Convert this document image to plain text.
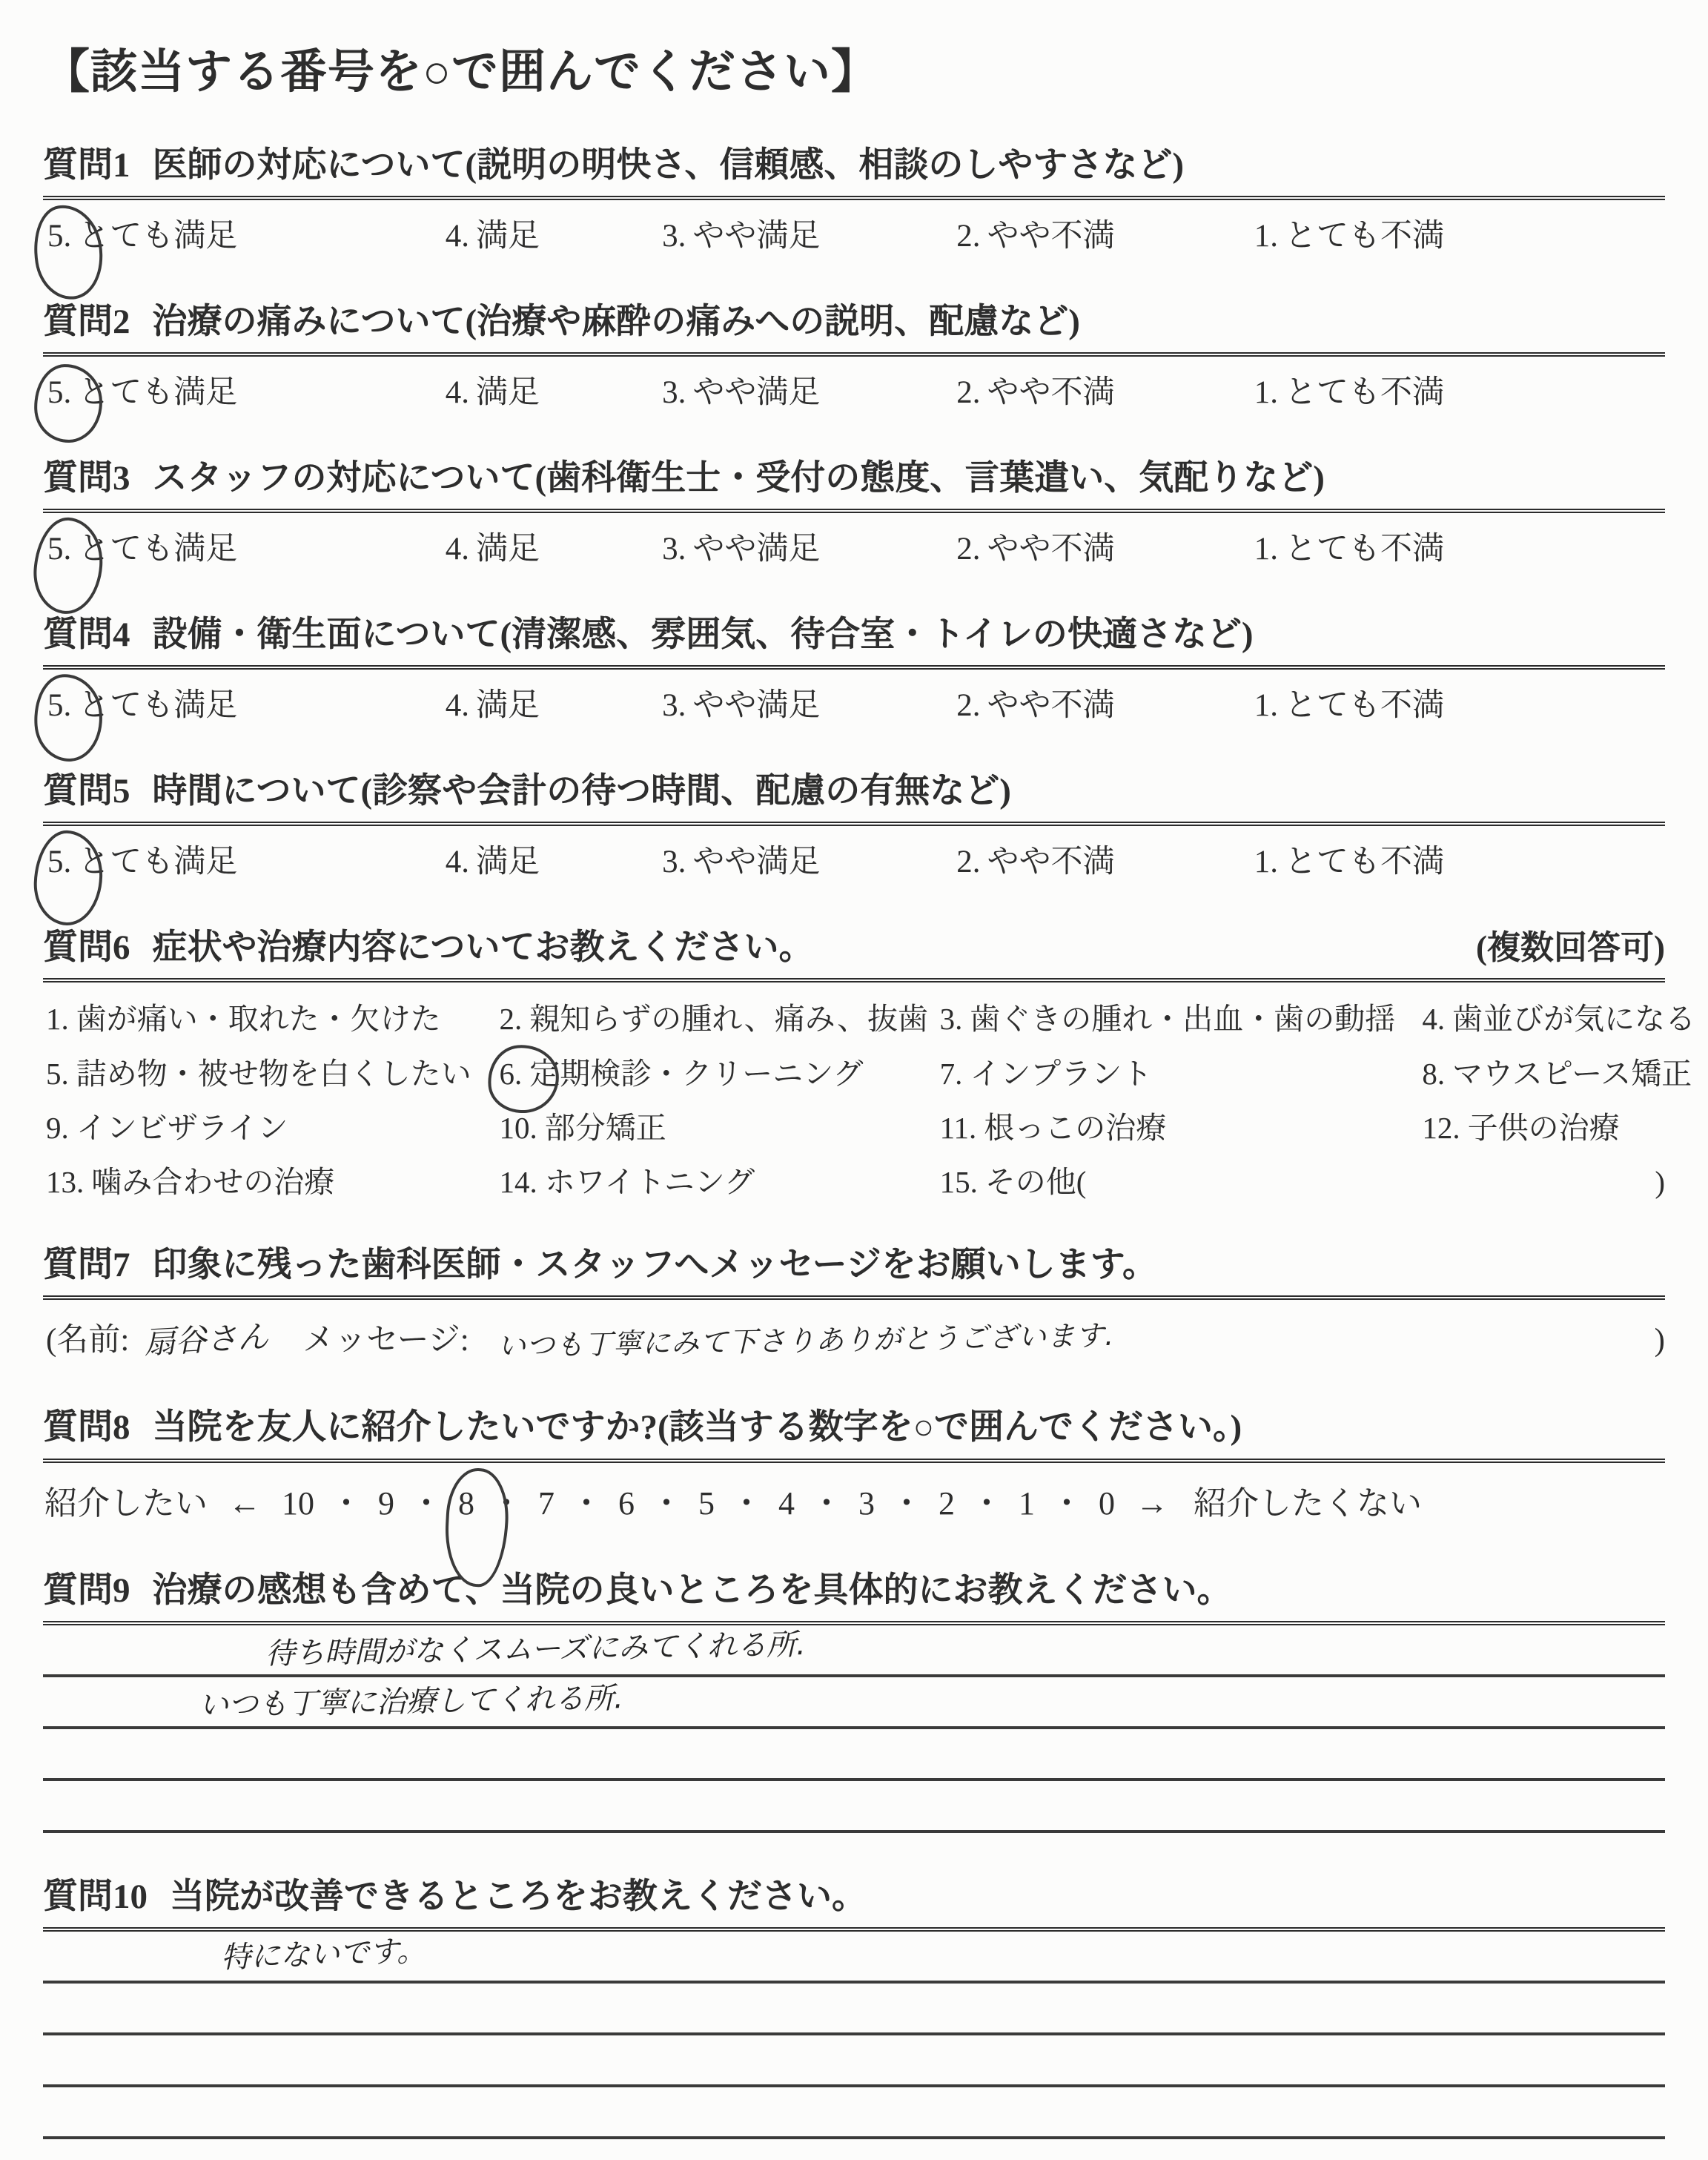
【該当する番号を○で囲んでください】
質問1 医師の対応について(説明の明快さ、信頼感、相談のしやすさなど)
5. とても満足	4. 満足	3. やや満足	2. やや不満	1. とても不満
質問2 治療の痛みについて(治療や麻酔の痛みへの説明、配慮など)
5. とても満足	4. 満足	3. やや満足	2. やや不満	1. とても不満
質問3 スタッフの対応について(歯科衛生士・受付の態度、言葉遣い、気配りなど)
5. とても満足	4. 満足	3. やや満足	2. やや不満	1. とても不満
質問4 設備・衛生面について(清潔感、雰囲気、待合室・トイレの快適さなど)
5. とても満足	4. 満足	3. やや満足	2. やや不満	1. とても不満
質問5 時間について(診察や会計の待つ時間、配慮の有無など)
5. とても満足	4. 満足	3. やや満足	2. やや不満	1. とても不満
質問6 症状や治療内容についてお教えください。	(複数回答可)
1. 歯が痛い・取れた・欠けた	2. 親知らずの腫れ、痛み、抜歯 3. 歯ぐきの腫れ・出血・歯の動揺 4. 歯並びが気になる
5. 詰め物・被せ物を白くしたい 6. 定期検診・クリーニング	7. インプラント	8. マウスピース矯正
9. インビザライン	10. 部分矯正	11. 根っこの治療	12. 子供の治療
13. 噛み合わせの治療	14. ホワイトニング	15. その他(	)
質問7 印象に残った歯科医師・スタッフへメッセージをお願いします。
(名前: 扇谷さん メッセージ: いつも丁寧にみて下さりありがとうございます.	)
質問8 当院を友人に紹介したいですか?(該当する数字を○で囲んでください。)
紹介したい ← 10 ・ 9 ・ 8 ・ 7 ・ 6 ・ 5 ・ 4 ・ 3 ・ 2 ・ 1 ・ 0 → 紹介したくない
質問9 治療の感想も含めて、当院の良いところを具体的にお教えください。
待ち時間がなくスムーズにみてくれる所.
いつも丁寧に治療してくれる所.
質問10 当院が改善できるところをお教えください。
特にないです。
